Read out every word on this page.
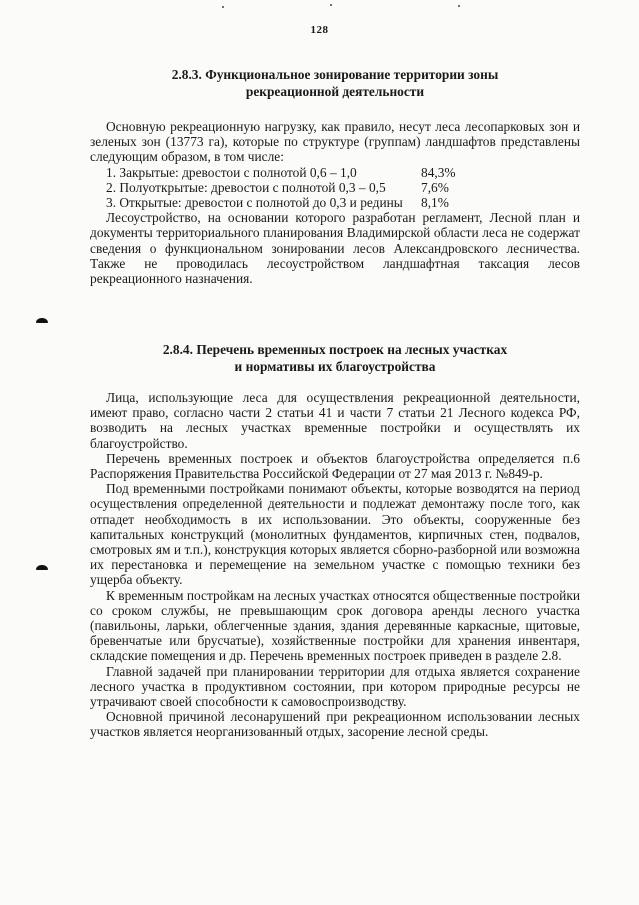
128
2.8.3. Функциональное зонирование территории зоны
рекреационной деятельности

Основную рекреационную нагрузку, как правило, несут леса лесопарковых зон и зеленых зон (13773 га), которые по структуре (группам) ландшафтов представлены следующим образом, в том числе:

1. Закрытые: древостои с полнотой 0,6 – 1,0	84,3%
2. Полуоткрытые: древостои с полнотой 0,3 – 0,5	7,6%
3. Открытые: древостои с полнотой до 0,3 и редины	8,1%

Лесоустройство, на основании которого разработан регламент, Лесной план и документы территориального планирования Владимирской области леса не содержат сведения о функциональном зонировании лесов Александровского лесничества. Также не проводилась лесоустройством ландшафтная таксация лесов рекреационного назначения.

2.8.4. Перечень временных построек на лесных участках
и нормативы их благоустройства

Лица, использующие леса для осуществления рекреационной деятельности, имеют право, согласно части 2 статьи 41 и части 7 статьи 21 Лесного кодекса РФ, возводить на лесных участках временные постройки и осуществлять их благоустройство.

Перечень временных построек и объектов благоустройства определяется п.6 Распоряжения Правительства Российской Федерации от 27 мая 2013 г. №849-р.

Под временными постройками понимают объекты, которые возводятся на период осуществления определенной деятельности и подлежат демонтажу после того, как отпадет необходимость в их использовании. Это объекты, сооруженные без капитальных конструкций (монолитных фундаментов, кирпичных стен, подвалов, смотровых ям и т.п.), конструкция которых является сборно-разборной или возможна их перестановка и перемещение на земельном участке с помощью техники без ущерба объекту.

К временным постройкам на лесных участках относятся общественные постройки со сроком службы, не превышающим срок договора аренды лесного участка (павильоны, ларьки, облегченные здания, здания деревянные каркасные, щитовые, бревенчатые или брусчатые), хозяйственные постройки для хранения инвентаря, складские помещения и др. Перечень временных построек приведен в разделе 2.8.

Главной задачей при планировании территории для отдыха является сохранение лесного участка в продуктивном состоянии, при котором природные ресурсы не утрачивают своей способности к самовоспроизводству.

Основной причиной лесонарушений при рекреационном использовании лесных участков является неорганизованный отдых, засорение лесной среды.
